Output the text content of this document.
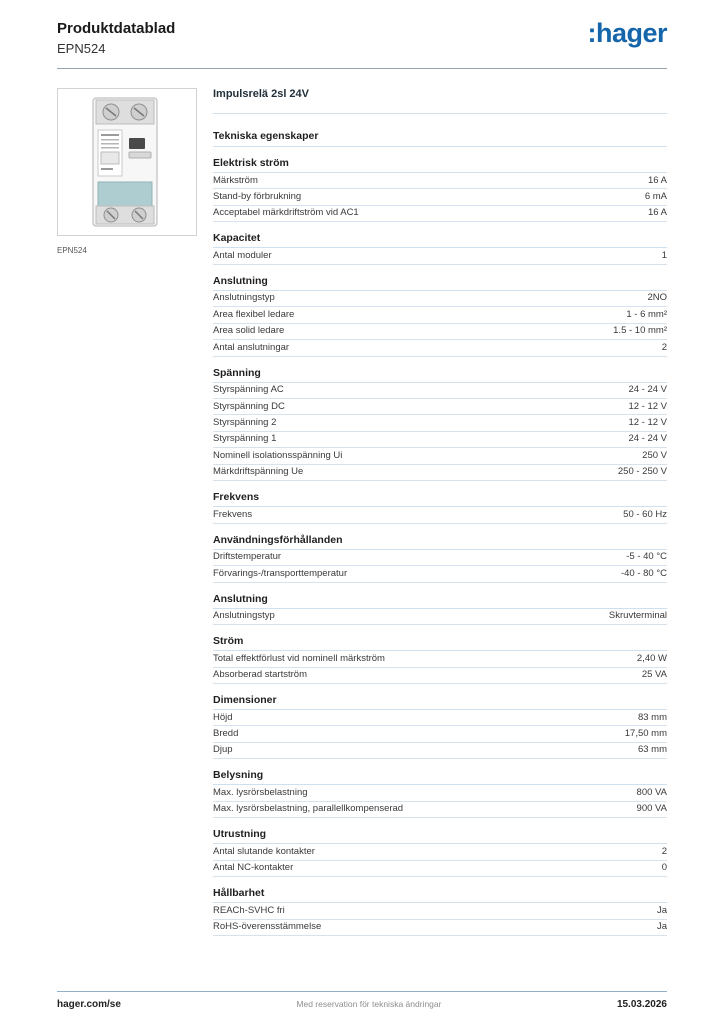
Produktdatablad
EPN524
:hager
EPN524
Impulsrelä 2sl 24V
Tekniska egenskaper
Elektrisk ström
Märkström	16 A
Stand-by förbrukning	6 mA
Acceptabel märkdriftström vid AC1	16 A
Kapacitet
Antal moduler	1
Anslutning
Anslutningstyp	2NO
Area flexibel ledare	1 - 6 mm²
Area solid ledare	1.5 - 10 mm²
Antal anslutningar	2
Spänning
Styrspänning AC	24 - 24 V
Styrspänning DC	12 - 12 V
Styrspänning 2	12 - 12 V
Styrspänning 1	24 - 24 V
Nominell isolationsspänning Ui	250 V
Märkdriftspänning Ue	250 - 250 V
Frekvens
Frekvens	50 - 60 Hz
Användningsförhållanden
Driftstemperatur	-5 - 40 °C
Förvarings-/transporttemperatur	-40 - 80 °C
Anslutning
Anslutningstyp	Skruvterminal
Ström
Total effektförlust vid nominell märkström	2,40 W
Absorberad startström	25 VA
Dimensioner
Höjd	83 mm
Bredd	17,50 mm
Djup	63 mm
Belysning
Max. lysrörsbelastning	800 VA
Max. lysrörsbelastning, parallellkompenserad	900 VA
Utrustning
Antal slutande kontakter	2
Antal NC-kontakter	0
Hållbarhet
REACh-SVHC fri	Ja
RoHS-överensstämmelse	Ja
hager.com/se	Med reservation för tekniska ändringar	15.03.2026
